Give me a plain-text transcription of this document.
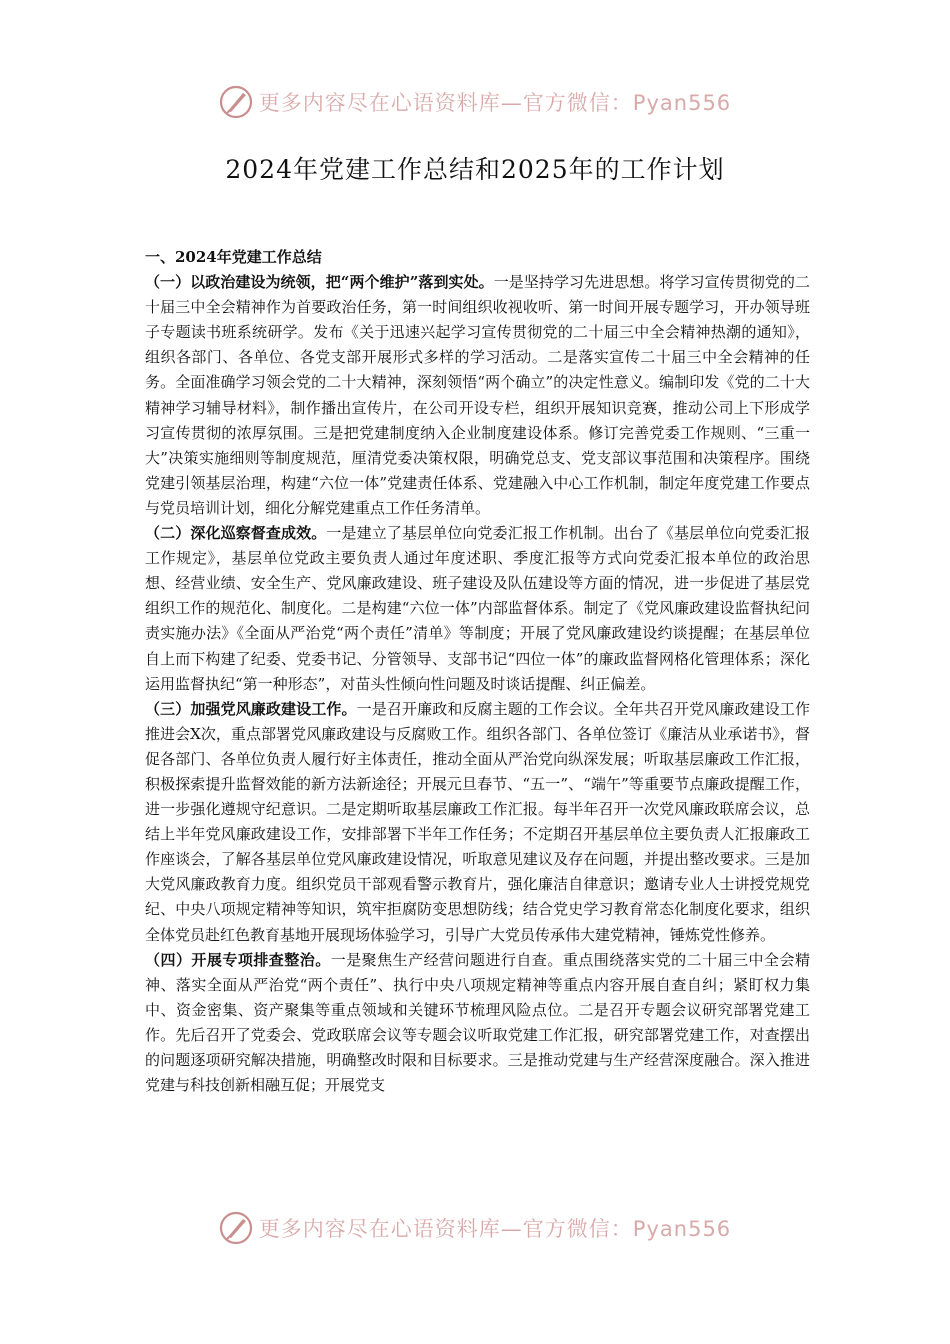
更多内容尽在心语资料库—官方微信：Pyan556
2024年党建工作总结和2025年的工作计划

一、2024年党建工作总结

（一）以政治建设为统领，把“两个维护”落到实处。一是坚持学习先进思想。将学习宣传贯彻党的二十届三中全会精神作为首要政治任务，第一时间组织收视收听、第一时间开展专题学习，开办领导班子专题读书班系统研学。发布《关于迅速兴起学习宣传贯彻党的二十届三中全会精神热潮的通知》，组织各部门、各单位、各党支部开展形式多样的学习活动。二是落实宣传二十届三中全会精神的任务。全面准确学习领会党的二十大精神，深刻领悟“两个确立”的决定性意义。编制印发《党的二十大精神学习辅导材料》，制作播出宣传片，在公司开设专栏，组织开展知识竞赛，推动公司上下形成学习宣传贯彻的浓厚氛围。三是把党建制度纳入企业制度建设体系。修订完善党委工作规则、“三重一大”决策实施细则等制度规范，厘清党委决策权限，明确党总支、党支部议事范围和决策程序。围绕党建引领基层治理，构建“六位一体”党建责任体系、党建融入中心工作机制，制定年度党建工作要点与党员培训计划，细化分解党建重点工作任务清单。

（二）深化巡察督查成效。一是建立了基层单位向党委汇报工作机制。出台了《基层单位向党委汇报工作规定》，基层单位党政主要负责人通过年度述职、季度汇报等方式向党委汇报本单位的政治思想、经营业绩、安全生产、党风廉政建设、班子建设及队伍建设等方面的情况，进一步促进了基层党组织工作的规范化、制度化。二是构建“六位一体”内部监督体系。制定了《党风廉政建设监督执纪问责实施办法》《全面从严治党“两个责任”清单》等制度；开展了党风廉政建设约谈提醒；在基层单位自上而下构建了纪委、党委书记、分管领导、支部书记“四位一体”的廉政监督网格化管理体系；深化运用监督执纪“第一种形态”，对苗头性倾向性问题及时谈话提醒、纠正偏差。

（三）加强党风廉政建设工作。一是召开廉政和反腐主题的工作会议。全年共召开党风廉政建设工作推进会X次，重点部署党风廉政建设与反腐败工作。组织各部门、各单位签订《廉洁从业承诺书》，督促各部门、各单位负责人履行好主体责任，推动全面从严治党向纵深发展；听取基层廉政工作汇报，积极探索提升监督效能的新方法新途径；开展元旦春节、“五一”、“端午”等重要节点廉政提醒工作，进一步强化遵规守纪意识。二是定期听取基层廉政工作汇报。每半年召开一次党风廉政联席会议，总结上半年党风廉政建设工作，安排部署下半年工作任务；不定期召开基层单位主要负责人汇报廉政工作座谈会，了解各基层单位党风廉政建设情况，听取意见建议及存在问题，并提出整改要求。三是加大党风廉政教育力度。组织党员干部观看警示教育片，强化廉洁自律意识；邀请专业人士讲授党规党纪、中央八项规定精神等知识，筑牢拒腐防变思想防线；结合党史学习教育常态化制度化要求，组织全体党员赴红色教育基地开展现场体验学习，引导广大党员传承伟大建党精神，锤炼党性修养。

（四）开展专项排查整治。一是聚焦生产经营问题进行自查。重点围绕落实党的二十届三中全会精神、落实全面从严治党“两个责任”、执行中央八项规定精神等重点内容开展自查自纠；紧盯权力集中、资金密集、资产聚集等重点领域和关键环节梳理风险点位。二是召开专题会议研究部署党建工作。先后召开了党委会、党政联席会议等专题会议听取党建工作汇报，研究部署党建工作，对查摆出的问题逐项研究解决措施，明确整改时限和目标要求。三是推动党建与生产经营深度融合。深入推进党建与科技创新相融互促；开展党支

更多内容尽在心语资料库—官方微信：Pyan556
